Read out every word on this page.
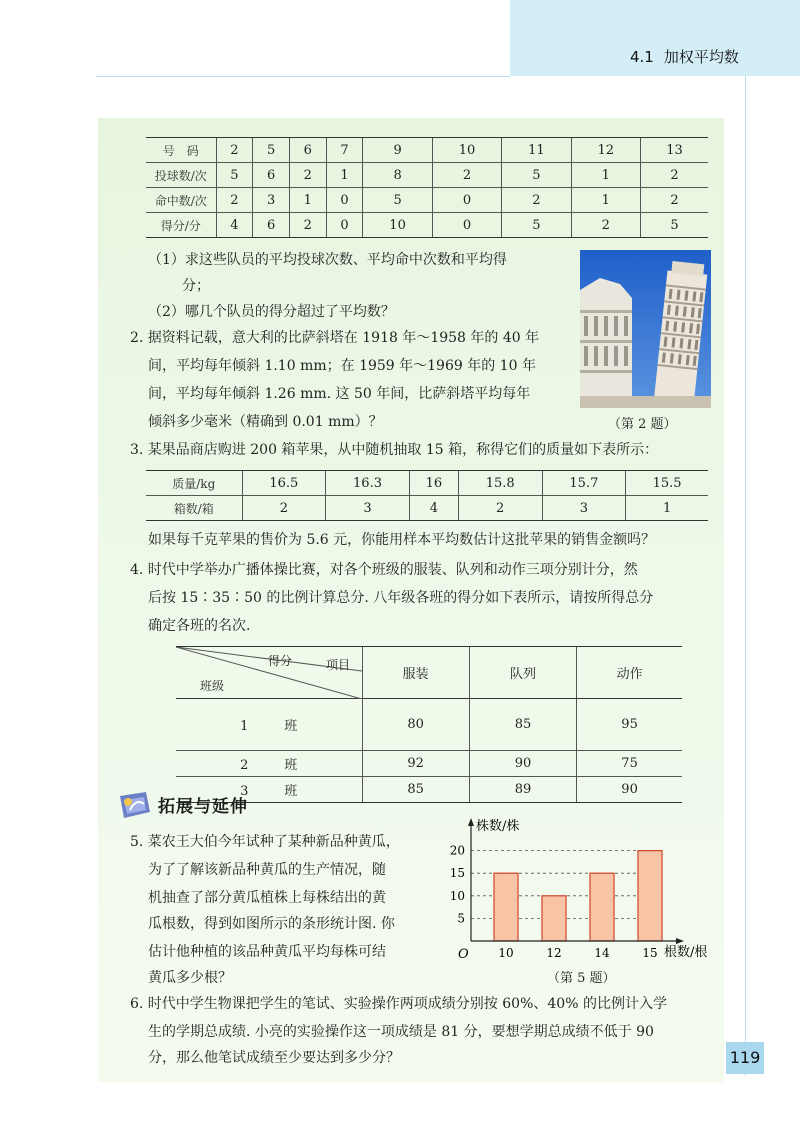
4.1 加权平均数
号　码	2	5	6	7	9	10	11	12	13
投球数/次	5	6	2	1	8	2	5	1	2
命中数/次	2	3	1	0	5	0	2	1	2
得分/分	4	6	2	0	10	0	5	2	5
（1）求这些队员的平均投球次数、平均命中次数和平均得
分；
（2）哪几个队员的得分超过了平均数？
2. 据资料记载，意大利的比萨斜塔在 1918 年～1958 年的 40 年
间，平均每年倾斜 1.10 mm；在 1959 年～1969 年的 10 年
间，平均每年倾斜 1.26 mm. 这 50 年间，比萨斜塔平均每年
倾斜多少毫米（精确到 0.01 mm）？	（第 2 题）
3. 某果品商店购进 200 箱苹果，从中随机抽取 15 箱，称得它们的质量如下表所示：
质量/kg	16.5	16.3	16	15.8	15.7	15.5
箱数/箱	2	3	4	2	3	1
如果每千克苹果的售价为 5.6 元，你能用样本平均数估计这批苹果的销售金额吗？
4. 时代中学举办广播体操比赛，对各个班级的服装、队列和动作三项分别计分，然
后按 15∶35∶50 的比例计算总分. 八年级各班的得分如下表所示，请按所得总分
确定各班的名次.
得分 项目
班级	服装	队列	动作
1 班	80	85	95
2 班	92	90	75
3 班	85	89	90
拓展与延伸
5. 菜农王大伯今年试种了某种新品种黄瓜，
为了了解该新品种黄瓜的生产情况，随
机抽查了部分黄瓜植株上每株结出的黄
瓜根数，得到如图所示的条形统计图. 你
估计他种植的该品种黄瓜平均每株可结
黄瓜多少根？
株数/株
根数/根
O
5
10
15
20
10	12	14	15
（第 5 题）
6. 时代中学生物课把学生的笔试、实验操作两项成绩分别按 60%、40% 的比例计入学
生的学期总成绩. 小亮的实验操作这一项成绩是 81 分，要想学期总成绩不低于 90
分，那么他笔试成绩至少要达到多少分？	119
